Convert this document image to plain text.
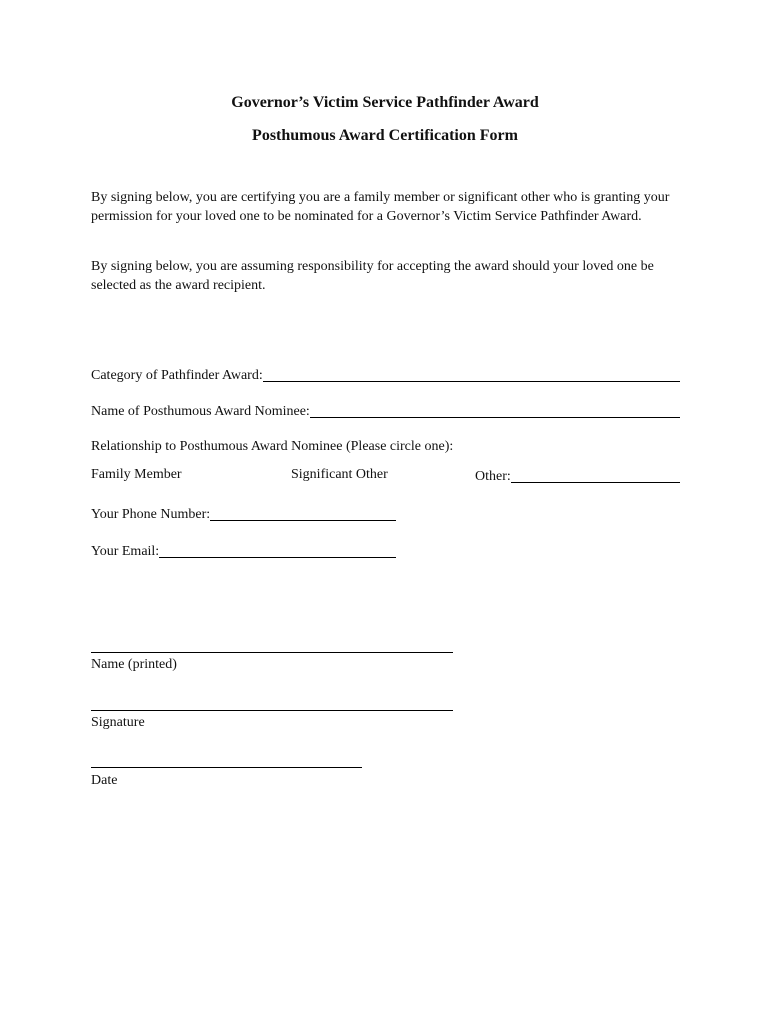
Governor’s Victim Service Pathfinder Award
Posthumous Award Certification Form
By signing below, you are certifying you are a family member or significant other who is granting your permission for your loved one to be nominated for a Governor’s Victim Service Pathfinder Award.
By signing below, you are assuming responsibility for accepting the award should your loved one be selected as the award recipient.
Category of Pathfinder Award:
Name of Posthumous Award Nominee:
Relationship to Posthumous Award Nominee (Please circle one):
Family Member	Significant Other	Other:
Your Phone Number:
Your Email:
Name (printed)
Signature
Date
